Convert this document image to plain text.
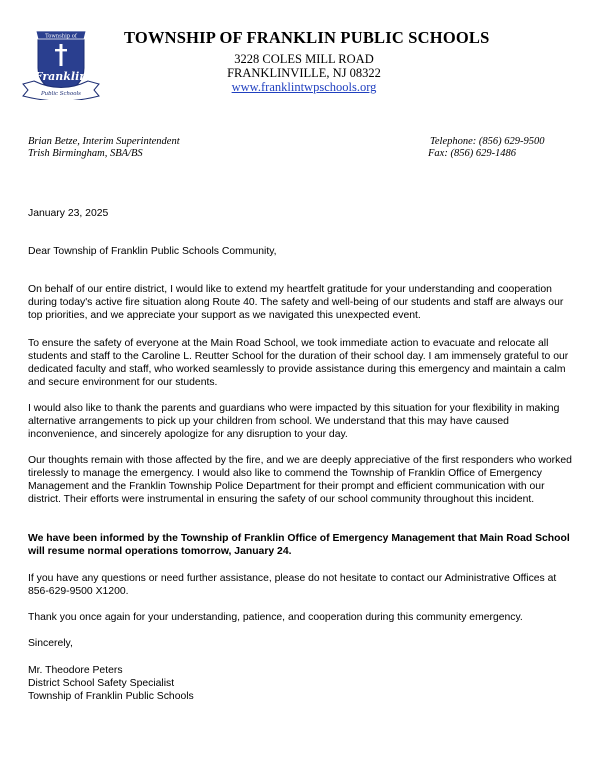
Township of
Franklin
Public Schools
TOWNSHIP OF FRANKLIN PUBLIC SCHOOLS
3228 COLES MILL ROAD
FRANKLINVILLE, NJ 08322
www.franklintwpschools.org
Brian Betze, Interim Superintendent
Trish Birmingham, SBA/BS
Telephone: (856) 629-9500
Fax: (856) 629-1486
January 23, 2025
Dear Township of Franklin Public Schools Community,
On behalf of our entire district, I would like to extend my heartfelt gratitude for your understanding and cooperation during today's active fire situation along Route 40. The safety and well-being of our students and staff are always our top priorities, and we appreciate your support as we navigated this unexpected event.
To ensure the safety of everyone at the Main Road School, we took immediate action to evacuate and relocate all students and staff to the Caroline L. Reutter School for the duration of their school day. I am immensely grateful to our dedicated faculty and staff, who worked seamlessly to provide assistance during this emergency and maintain a calm and secure environment for our students.
I would also like to thank the parents and guardians who were impacted by this situation for your flexibility in making alternative arrangements to pick up your children from school. We understand that this may have caused inconvenience, and sincerely apologize for any disruption to your day.
Our thoughts remain with those affected by the fire, and we are deeply appreciative of the first responders who worked tirelessly to manage the emergency. I would also like to commend the Township of Franklin Office of Emergency Management and the Franklin Township Police Department for their prompt and efficient communication with our district. Their efforts were instrumental in ensuring the safety of our school community throughout this incident.
We have been informed by the Township of Franklin Office of Emergency Management that Main Road School will resume normal operations tomorrow, January 24.
If you have any questions or need further assistance, please do not hesitate to contact our Administrative Offices at 856-629-9500 X1200.
Thank you once again for your understanding, patience, and cooperation during this community emergency.
Sincerely,
Mr. Theodore Peters
District School Safety Specialist
Township of Franklin Public Schools
